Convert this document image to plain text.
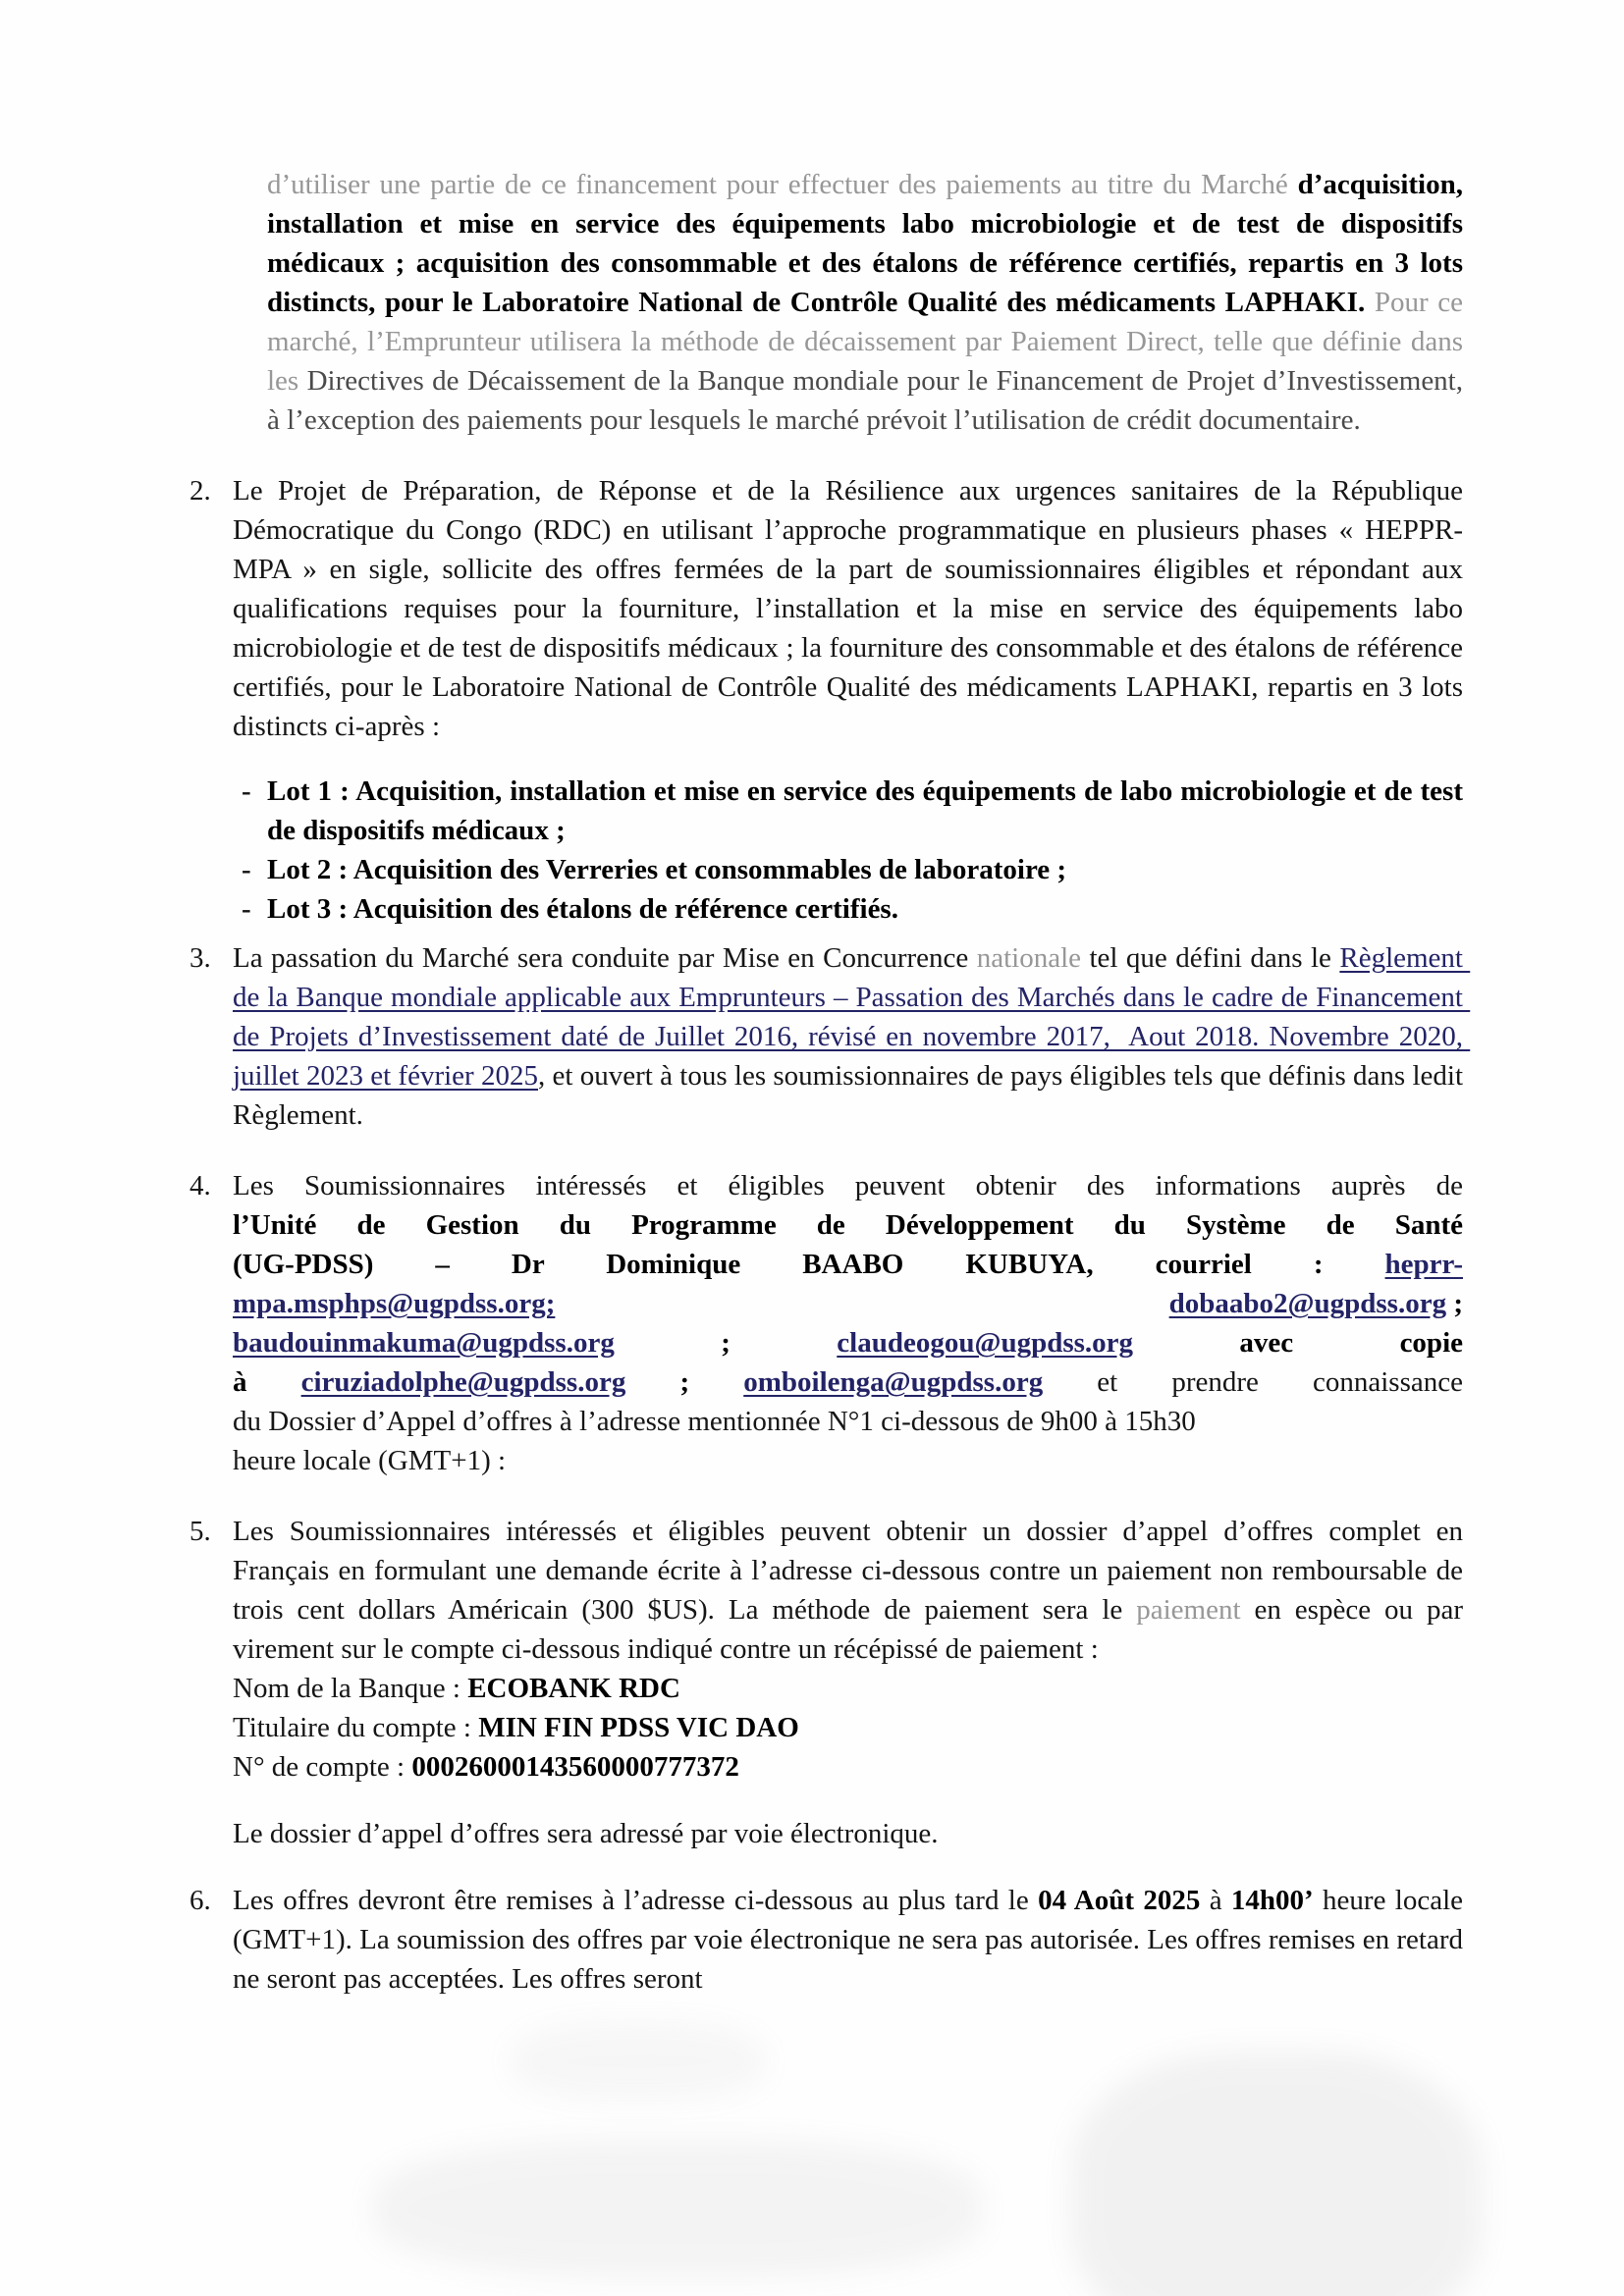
d’utiliser une partie de ce financement pour effectuer des paiements au titre du Marché d’acquisition, installation et mise en service des équipements labo microbiologie et de test de dispositifs médicaux ; acquisition des consommable et des étalons de référence certifiés, repartis en 3 lots distincts, pour le Laboratoire National de Contrôle Qualité des médicaments LAPHAKI. Pour ce marché, l’Emprunteur utilisera la méthode de décaissement par Paiement Direct, telle que définie dans les Directives de Décaissement de la Banque mondiale pour le Financement de Projet d’Investissement, à l’exception des paiements pour lesquels le marché prévoit l’utilisation de crédit documentaire.
2. Le Projet de Préparation, de Réponse et de la Résilience aux urgences sanitaires de la République Démocratique du Congo (RDC) en utilisant l’approche programmatique en plusieurs phases « HEPPR-MPA » en sigle, sollicite des offres fermées de la part de soumissionnaires éligibles et répondant aux qualifications requises pour la fourniture, l’installation et la mise en service des équipements labo microbiologie et de test de dispositifs médicaux ; la fourniture des consommable et des étalons de référence certifiés, pour le Laboratoire National de Contrôle Qualité des médicaments LAPHAKI, repartis en 3 lots distincts ci-après :
- Lot 1 : Acquisition, installation et mise en service des équipements de labo microbiologie et de test de dispositifs médicaux ;
- Lot 2 : Acquisition des Verreries et consommables de laboratoire ;
- Lot 3 : Acquisition des étalons de référence certifiés.
3. La passation du Marché sera conduite par Mise en Concurrence nationale tel que défini dans le Règlement de la Banque mondiale applicable aux Emprunteurs – Passation des Marchés dans le cadre de Financement de Projets d’Investissement daté de Juillet 2016, révisé en novembre 2017,  Aout 2018. Novembre 2020, juillet 2023 et février 2025, et ouvert à tous les soumissionnaires de pays éligibles tels que définis dans ledit Règlement.
4. Les Soumissionnaires intéressés et éligibles peuvent obtenir des informations auprès de
l’Unité de Gestion du Programme de Développement du Système de Santé
(UG-PDSS) – Dr Dominique BAABO KUBUYA, courriel : heprr-
mpa.msphps@ugpdss.org;	dobaabo2@ugpdss.org ;
baudouinmakuma@ugpdss.org ; claudeogou@ugpdss.org avec copie
à ciruziadolphe@ugpdss.org ; omboilenga@ugpdss.org et prendre connaissance
du Dossier d’Appel d’offres à l’adresse mentionnée N°1 ci-dessous de 9h00 à 15h30
heure locale (GMT+1) :
5. Les Soumissionnaires intéressés et éligibles peuvent obtenir un dossier d’appel d’offres complet en Français en formulant une demande écrite à l’adresse ci-dessous contre un paiement non remboursable de trois cent dollars Américain (300 $US). La méthode de paiement sera le paiement en espèce ou par virement sur le compte ci-dessous indiqué contre un récépissé de paiement :
Nom de la Banque : ECOBANK RDC
Titulaire du compte : MIN FIN PDSS VIC DAO
N° de compte : 00026000143560000777372
Le dossier d’appel d’offres sera adressé par voie électronique.
6. Les offres devront être remises à l’adresse ci-dessous au plus tard le 04 Août 2025 à 14h00’ heure locale (GMT+1). La soumission des offres par voie électronique ne sera pas autorisée. Les offres remises en retard ne seront pas acceptées. Les offres seront
